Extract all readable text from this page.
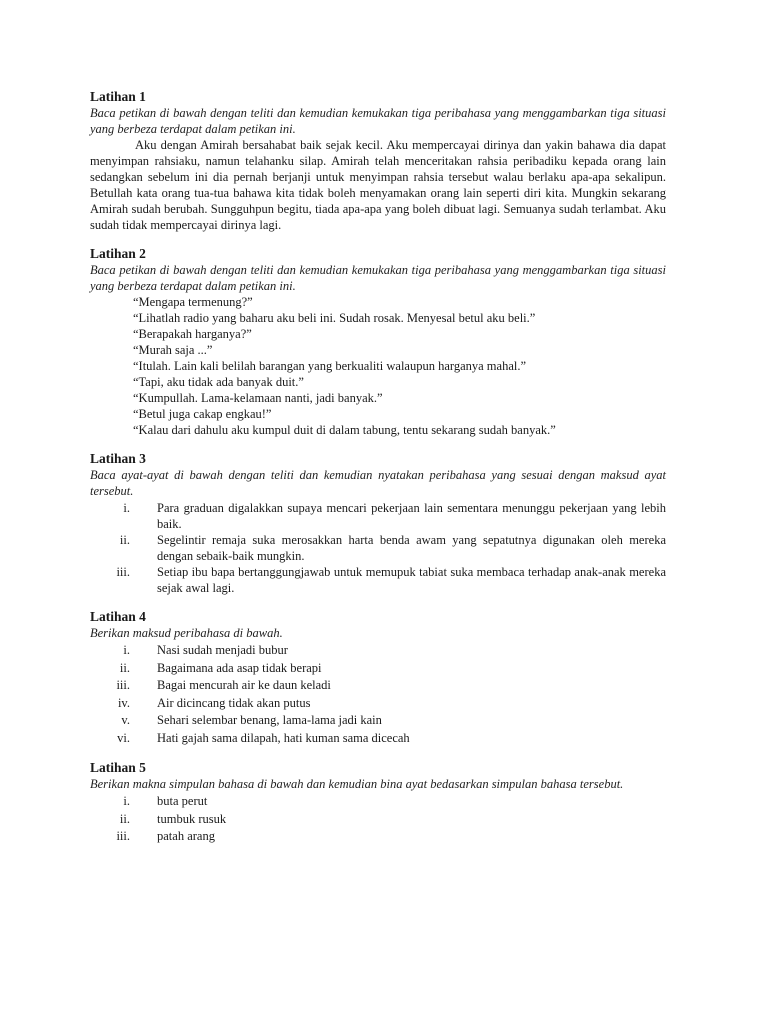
Latihan 1

Baca petikan di bawah dengan teliti dan kemudian kemukakan tiga peribahasa yang menggambarkan tiga situasi yang berbeza terdapat dalam petikan ini.

Aku dengan Amirah bersahabat baik sejak kecil. Aku mempercayai dirinya dan yakin bahawa dia dapat menyimpan rahsiaku, namun telahanku silap. Amirah telah menceritakan rahsia peribadiku kepada orang lain sedangkan sebelum ini dia pernah berjanji untuk menyimpan rahsia tersebut walau berlaku apa-apa sekalipun. Betullah kata orang tua-tua bahawa kita tidak boleh menyamakan orang lain seperti diri kita. Mungkin sekarang Amirah sudah berubah. Sungguhpun begitu, tiada apa-apa yang boleh dibuat lagi. Semuanya sudah terlambat. Aku sudah tidak mempercayai dirinya lagi.

Latihan 2

Baca petikan di bawah dengan teliti dan kemudian kemukakan tiga peribahasa yang menggambarkan tiga situasi yang berbeza terdapat dalam petikan ini.

“Mengapa termenung?”
“Lihatlah radio yang baharu aku beli ini. Sudah rosak. Menyesal betul aku beli.”
“Berapakah harganya?”
“Murah saja ...”
“Itulah. Lain kali belilah barangan yang berkualiti walaupun harganya mahal.”
“Tapi, aku tidak ada banyak duit.”
“Kumpullah. Lama-kelamaan nanti, jadi banyak.”
“Betul juga cakap engkau!”
“Kalau dari dahulu aku kumpul duit di dalam tabung, tentu sekarang sudah banyak.”

Latihan 3

Baca ayat-ayat di bawah dengan teliti dan kemudian nyatakan peribahasa yang sesuai dengan maksud ayat tersebut.

i.	Para graduan digalakkan supaya mencari pekerjaan lain sementara menunggu pekerjaan yang lebih baik.
ii.	Segelintir remaja suka merosakkan harta benda awam yang sepatutnya digunakan oleh mereka dengan sebaik-baik mungkin.
iii.	Setiap ibu bapa bertanggungjawab untuk memupuk tabiat suka membaca terhadap anak-anak mereka sejak awal lagi.

Latihan 4

Berikan maksud peribahasa di bawah.

i.	Nasi sudah menjadi bubur
ii.	Bagaimana ada asap tidak berapi
iii.	Bagai mencurah air ke daun keladi
iv.	Air dicincang tidak akan putus
v.	Sehari selembar benang, lama-lama jadi kain
vi.	Hati gajah sama dilapah, hati kuman sama dicecah

Latihan 5

Berikan makna simpulan bahasa di bawah dan kemudian bina ayat bedasarkan simpulan bahasa tersebut.

i.	buta perut
ii.	tumbuk rusuk
iii.	patah arang
